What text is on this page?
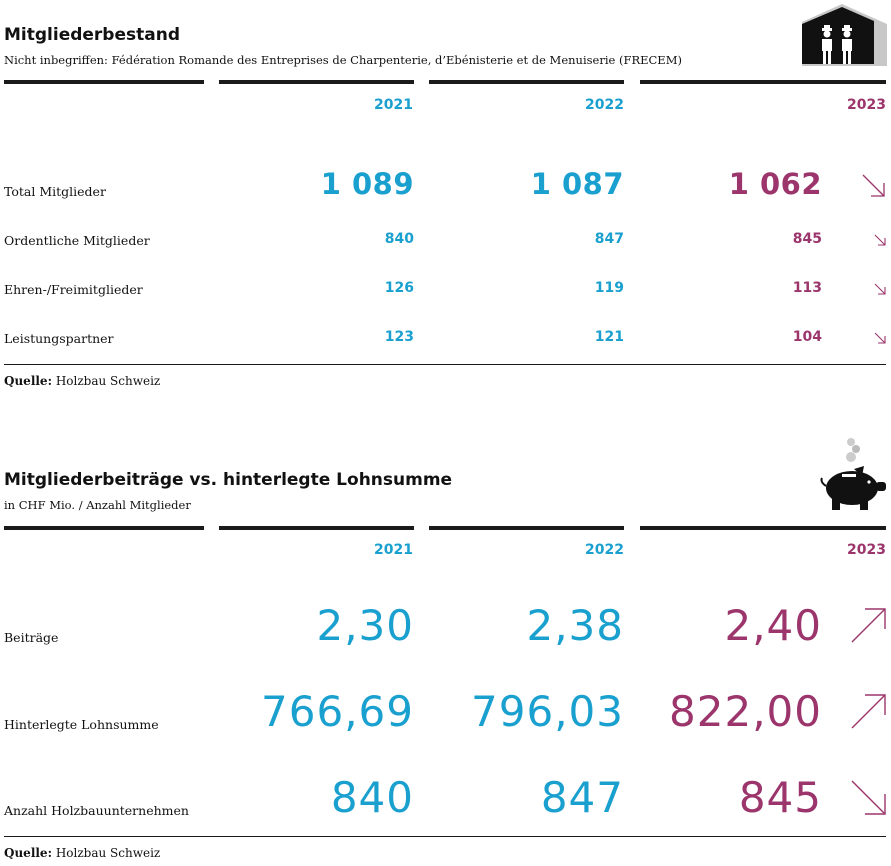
Mitgliederbestand
Nicht inbegriffen: Fédération Romande des Entreprises de Charpenterie, d’Ebénisterie et de Menuiserie (FRECEM)
2021	2022	2023
Total Mitglieder	1 089	1 087	1 062
Ordentliche Mitglieder	840	847	845
Ehren-/Freimitglieder	126	119	113
Leistungspartner	123	121	104
Quelle: Holzbau Schweiz
Mitgliederbeiträge vs. hinterlegte Lohnsumme
in CHF Mio. / Anzahl Mitglieder
2021	2022	2023
Beiträge	2,30	2,38 2,40
Hinterlegte Lohnsumme 766,69 796,03 822,00
Anzahl Holzbauunternehmen	840	847	845
Quelle: Holzbau Schweiz
